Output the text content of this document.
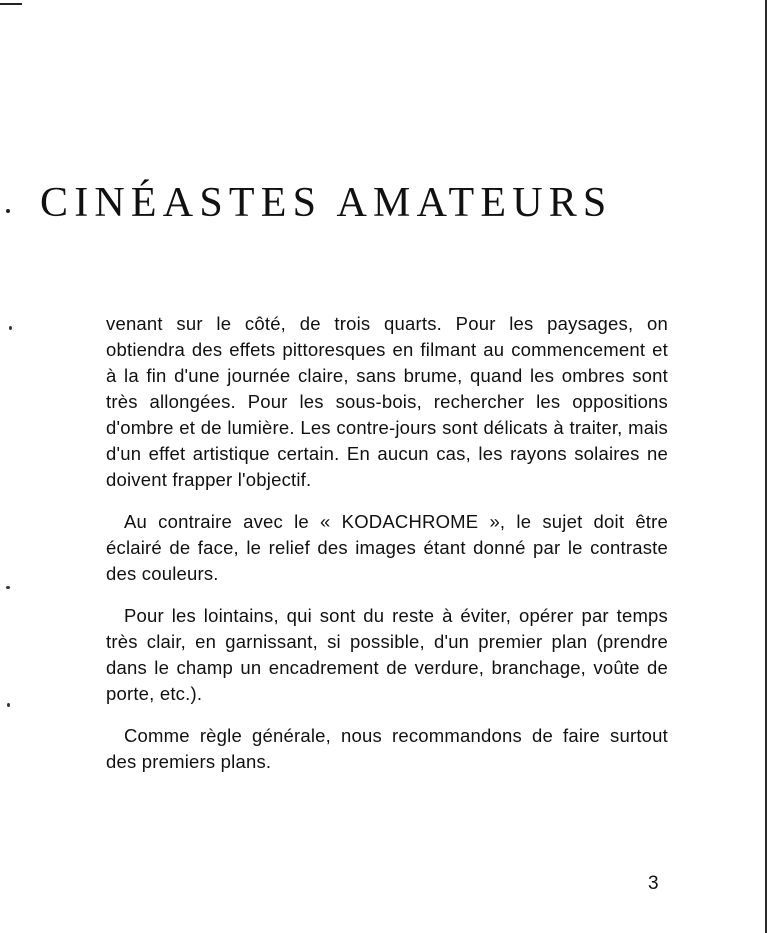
CINÉASTES AMATEURS

venant sur le côté, de trois quarts. Pour les paysages, on obtiendra des effets pittoresques en filmant au commencement et à la fin d'une journée claire, sans brume, quand les ombres sont très allongées. Pour les sous-bois, rechercher les oppositions d'ombre et de lumière. Les contre-jours sont délicats à traiter, mais d'un effet artistique certain. En aucun cas, les rayons solaires ne doivent frapper l'objectif.

Au contraire avec le « KODACHROME », le sujet doit être éclairé de face, le relief des images étant donné par le contraste des couleurs.

Pour les lointains, qui sont du reste à éviter, opérer par temps très clair, en garnissant, si possible, d'un premier plan (prendre dans le champ un encadrement de verdure, branchage, voûte de porte, etc.).

Comme règle générale, nous recommandons de faire surtout des premiers plans.

3
